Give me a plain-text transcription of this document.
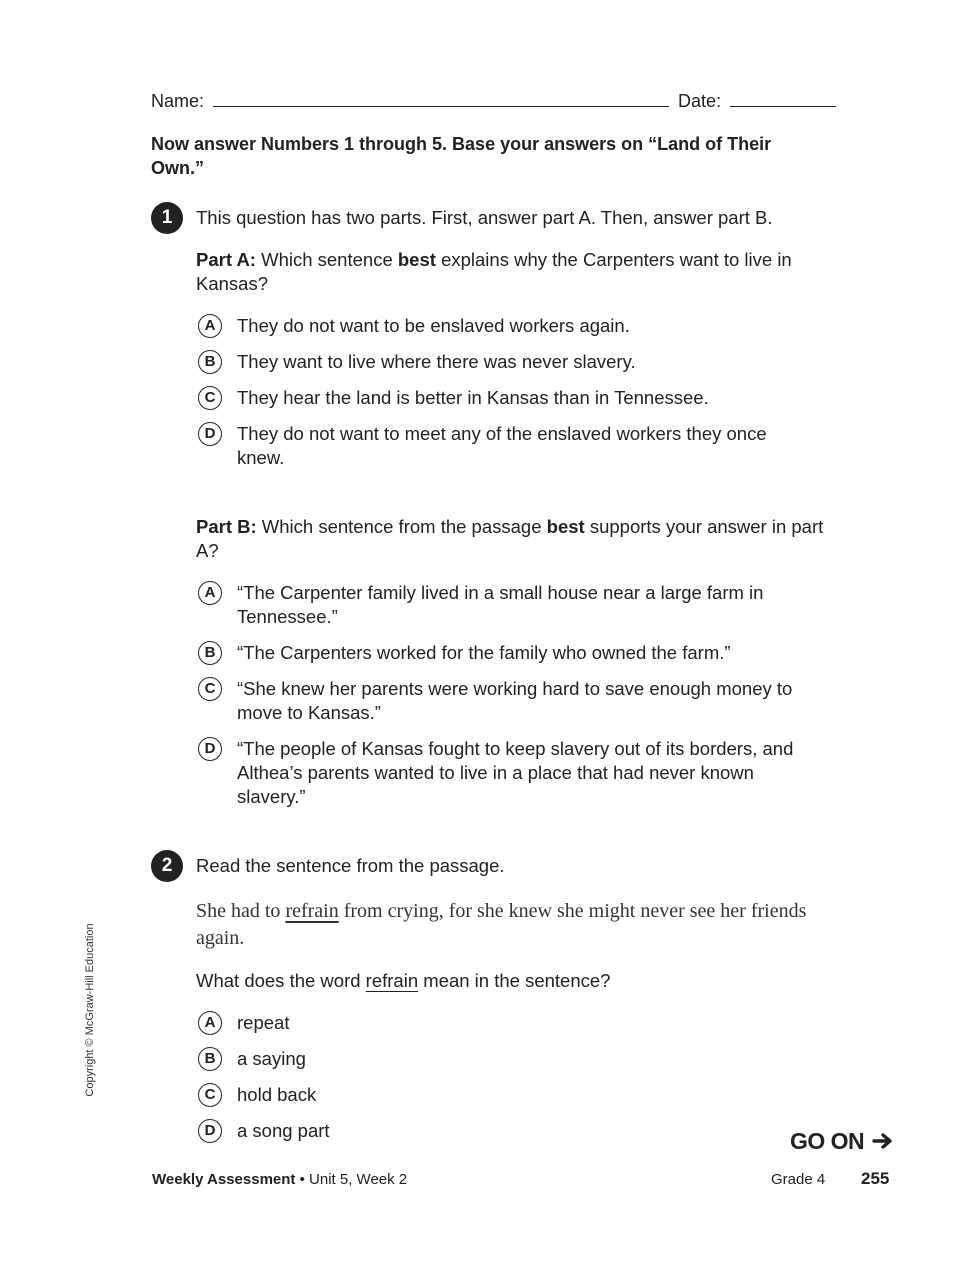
Name:	Date:
Now answer Numbers 1 through 5. Base your answers on “Land of Their Own.”
1	This question has two parts. First, answer part A. Then, answer part B.
Part A: Which sentence best explains why the Carpenters want to live in Kansas?
A	They do not want to be enslaved workers again.
B	They want to live where there was never slavery.
C	They hear the land is better in Kansas than in Tennessee.
D	They do not want to meet any of the enslaved workers they once knew.
Part B: Which sentence from the passage best supports your answer in part A?
A	“The Carpenter family lived in a small house near a large farm in Tennessee.”
B	“The Carpenters worked for the family who owned the farm.”
C	“She knew her parents were working hard to save enough money to move to Kansas.”
D	“The people of Kansas fought to keep slavery out of its borders, and Althea’s parents wanted to live in a place that had never known slavery.”
2	Read the sentence from the passage.
She had to refrain from crying, for she knew she might never see her friends again.
What does the word refrain mean in the sentence?
A	repeat
B	a saying
C	hold back
D	a song part
Copyright © McGraw-Hill Education
GO ON
Weekly Assessment • Unit 5, Week 2	Grade 4 255
